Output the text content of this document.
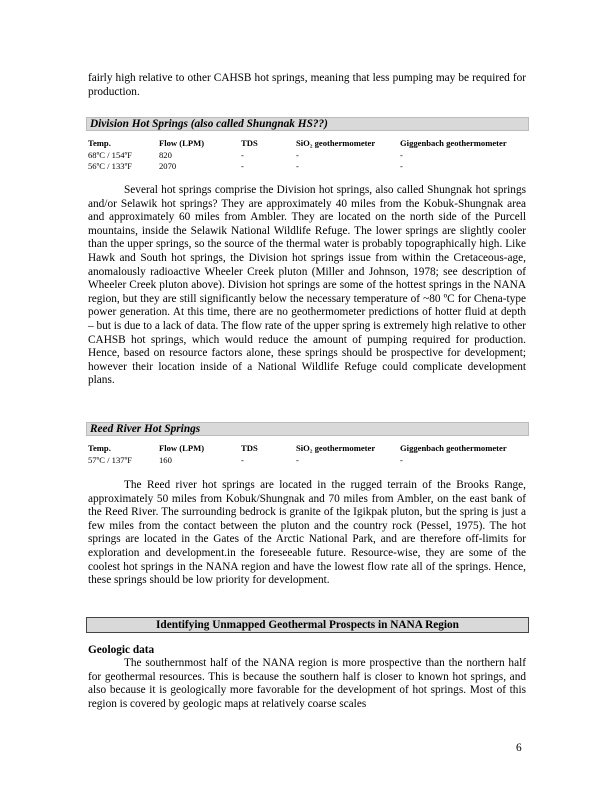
fairly high relative to other CAHSB hot springs, meaning that less pumping may be required for production.

Division Hot Springs (also called Shungnak HS??)
Temp.	Flow (LPM)	TDS	SiO₂ geothermometer	Giggenbach geothermometer
68ºC / 154ºF	820	-	-	-
56ºC / 133ºF	2070	-	-	-

Several hot springs comprise the Division hot springs, also called Shungnak hot springs and/or Selawik hot springs? They are approximately 40 miles from the Kobuk-Shungnak area and approximately 60 miles from Ambler. They are located on the north side of the Purcell mountains, inside the Selawik National Wildlife Refuge. The lower springs are slightly cooler than the upper springs, so the source of the thermal water is probably topographically high. Like Hawk and South hot springs, the Division hot springs issue from within the Cretaceous-age, anomalously radioactive Wheeler Creek pluton (Miller and Johnson, 1978; see description of Wheeler Creek pluton above). Division hot springs are some of the hottest springs in the NANA region, but they are still significantly below the necessary temperature of ~80 ºC for Chena-type power generation. At this time, there are no geothermometer predictions of hotter fluid at depth – but is due to a lack of data. The flow rate of the upper spring is extremely high relative to other CAHSB hot springs, which would reduce the amount of pumping required for production. Hence, based on resource factors alone, these springs should be prospective for development; however their location inside of a National Wildlife Refuge could complicate development plans.

Reed River Hot Springs
Temp.	Flow (LPM)	TDS	SiO₂ geothermometer	Giggenbach geothermometer
57ºC / 137ºF	160	-	-	-

The Reed river hot springs are located in the rugged terrain of the Brooks Range, approximately 50 miles from Kobuk/Shungnak and 70 miles from Ambler, on the east bank of the Reed River. The surrounding bedrock is granite of the Igikpak pluton, but the spring is just a few miles from the contact between the pluton and the country rock (Pessel, 1975). The hot springs are located in the Gates of the Arctic National Park, and are therefore off-limits for exploration and development.in the foreseeable future. Resource-wise, they are some of the coolest hot springs in the NANA region and have the lowest flow rate all of the springs. Hence, these springs should be low priority for development.

Identifying Unmapped Geothermal Prospects in NANA Region
Geologic data

The southernmost half of the NANA region is more prospective than the northern half for geothermal resources. This is because the southern half is closer to known hot springs, and also because it is geologically more favorable for the development of hot springs. Most of this region is covered by geologic maps at relatively coarse scales

6
